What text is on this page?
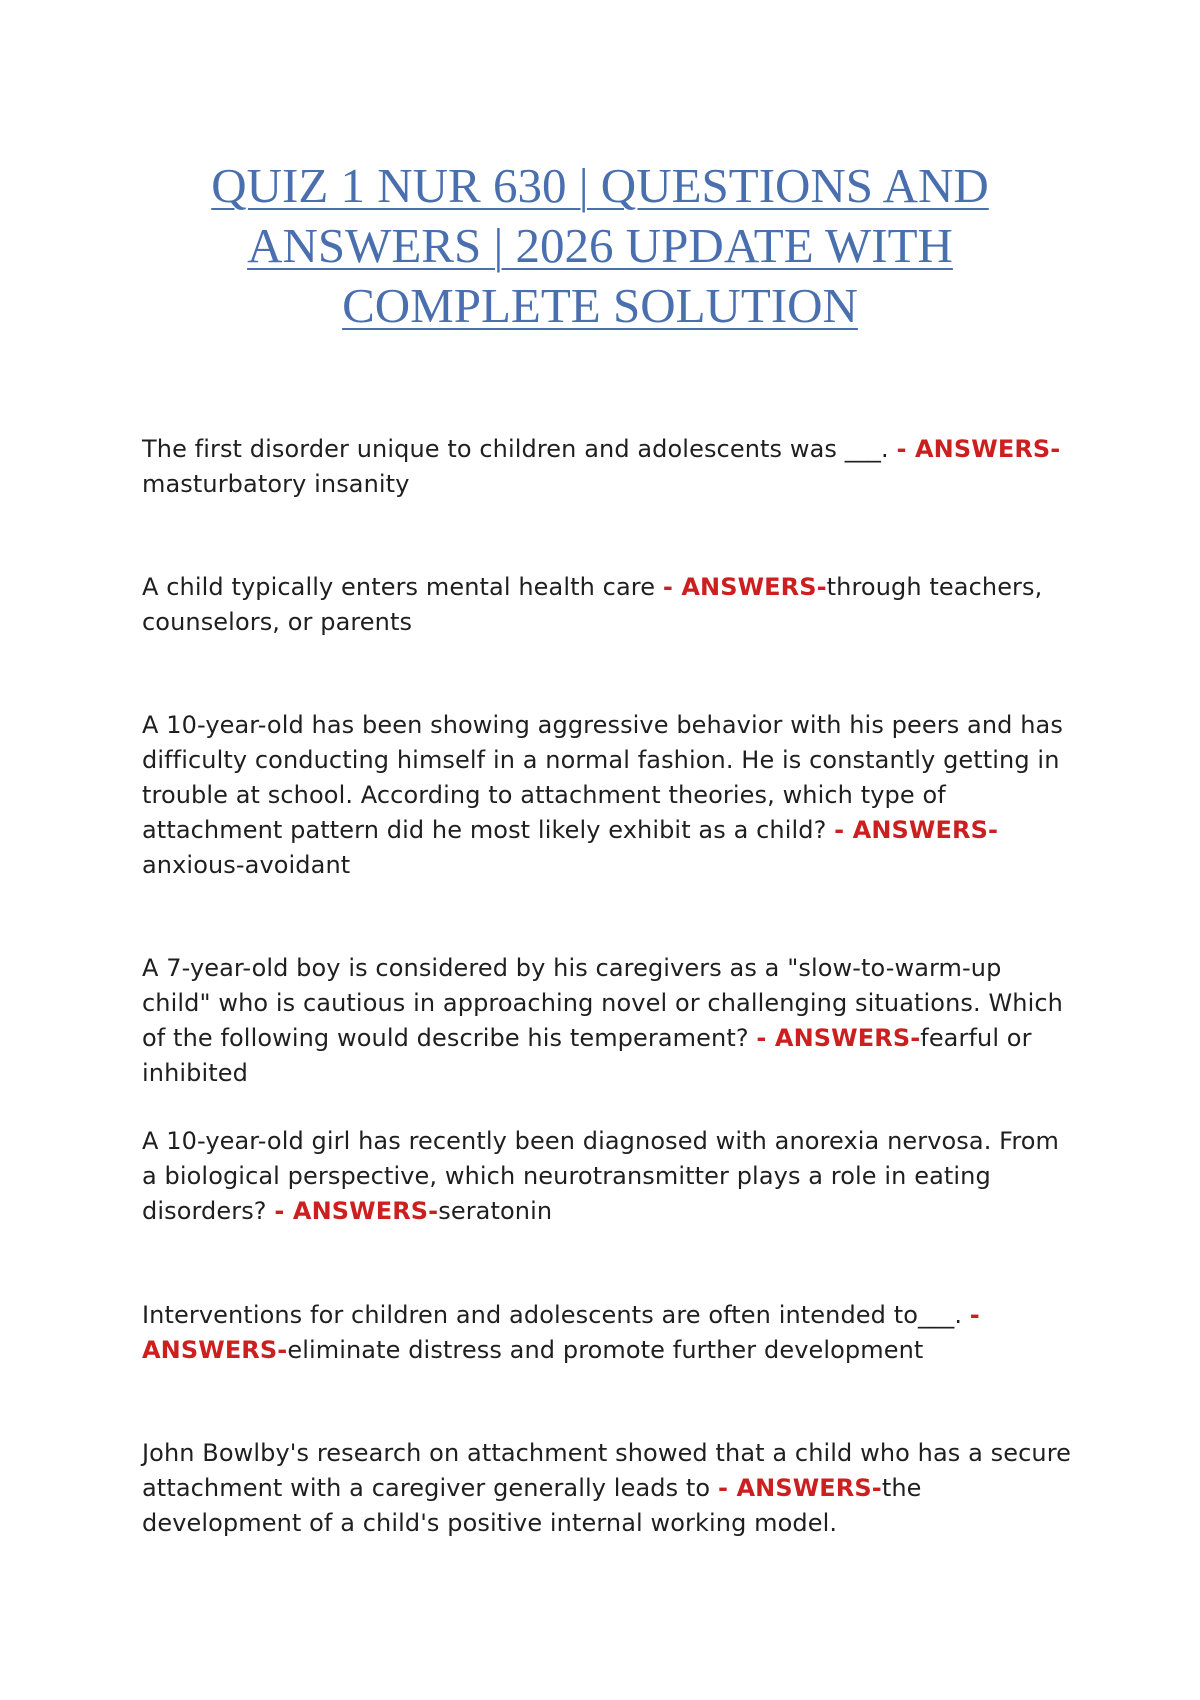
QUIZ 1 NUR 630 | QUESTIONS AND ANSWERS | 2026 UPDATE WITH COMPLETE SOLUTION

The first disorder unique to children and adolescents was ___. - ANSWERS-masturbatory insanity

A child typically enters mental health care - ANSWERS-through teachers, counselors, or parents

A 10-year-old has been showing aggressive behavior with his peers and has difficulty conducting himself in a normal fashion. He is constantly getting in trouble at school. According to attachment theories, which type of attachment pattern did he most likely exhibit as a child? - ANSWERS-anxious-avoidant

A 7-year-old boy is considered by his caregivers as a "slow-to-warm-up child" who is cautious in approaching novel or challenging situations. Which of the following would describe his temperament? - ANSWERS-fearful or inhibited

A 10-year-old girl has recently been diagnosed with anorexia nervosa. From a biological perspective, which neurotransmitter plays a role in eating disorders? - ANSWERS-seratonin

Interventions for children and adolescents are often intended to___. - ANSWERS-eliminate distress and promote further development

John Bowlby's research on attachment showed that a child who has a secure attachment with a caregiver generally leads to - ANSWERS-the development of a child's positive internal working model.
